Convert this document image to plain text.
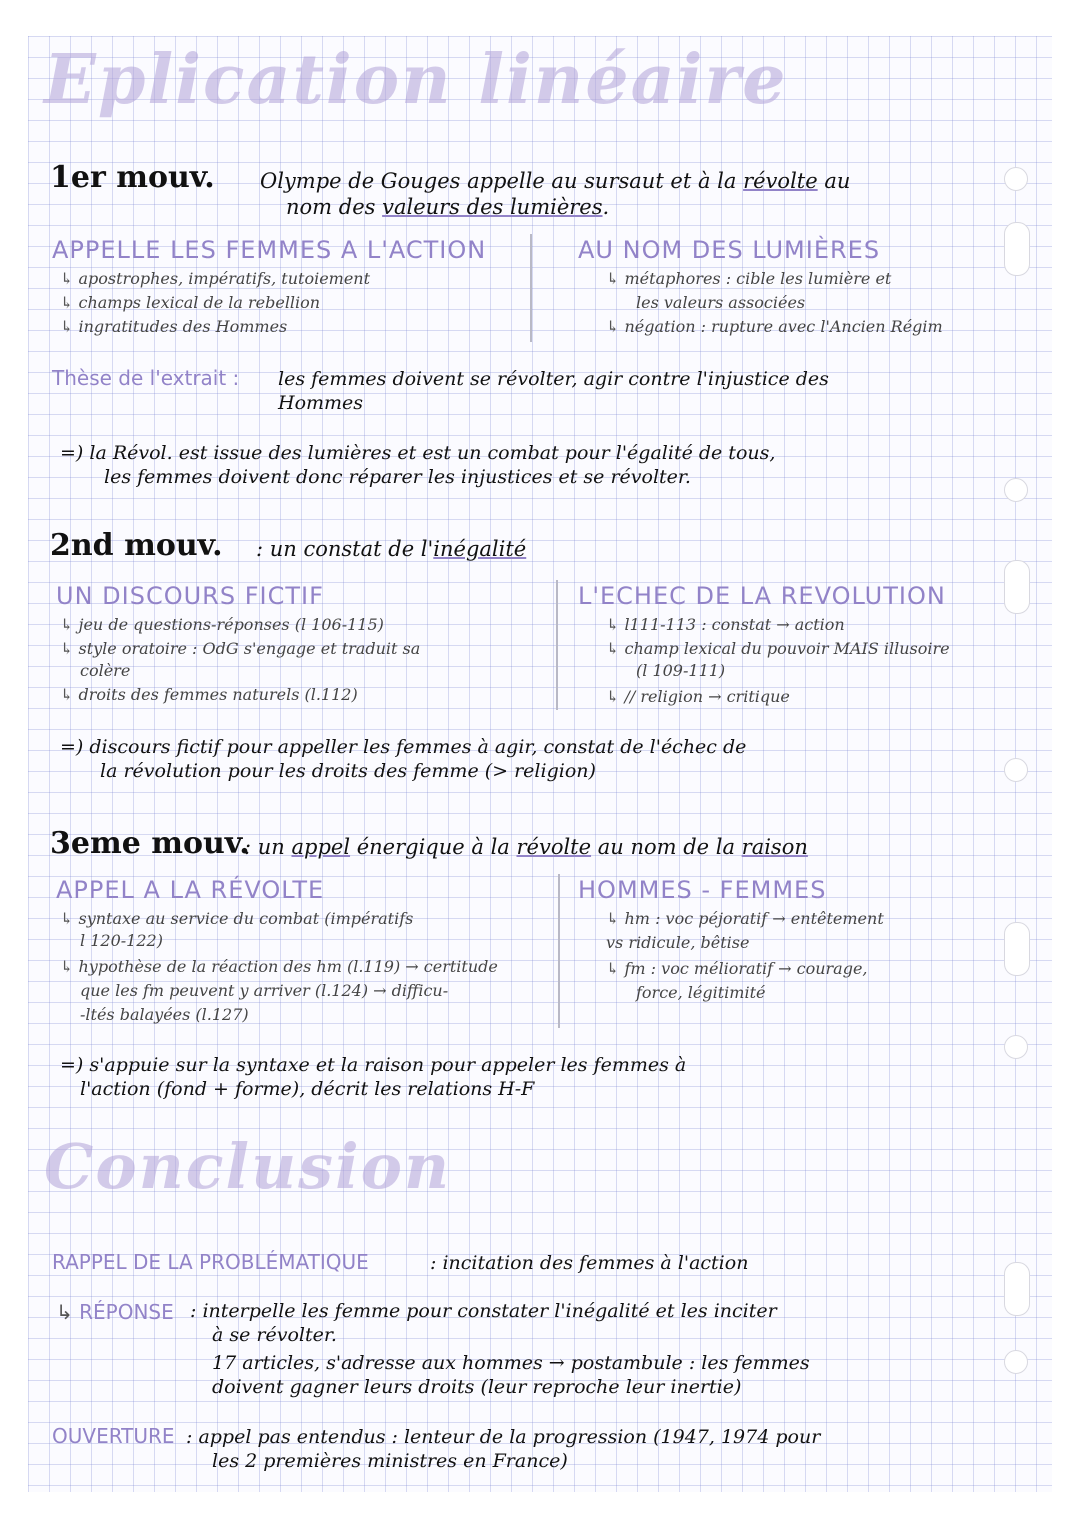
Eplication linéaire
1er mouv. Olympe de Gouges appelle au sursaut et à la révolte au
nom des valeurs des lumières.
APPELLE LES FEMMES A L'ACTION
↳ apostrophes, impératifs, tutoiement
↳ champs lexical de la rebellion
↳ ingratitudes des Hommes
AU NOM DES LUMIÈRES
↳ métaphores : cible les lumière et
les valeurs associées
↳ négation : rupture avec l'Ancien Régim
Thèse de l'extrait : les femmes doivent se révolter, agir contre l'injustice des
Hommes
=) la Révol. est issue des lumières et est un combat pour l'égalité de tous,
les femmes doivent donc réparer les injustices et se révolter.
2nd mouv. : un constat de l'inégalité
UN DISCOURS FICTIF
↳ jeu de questions-réponses (l 106-115)
↳ style oratoire : OdG s'engage et traduit sa
colère
↳ droits des femmes naturels (l.112)
L'ECHEC DE LA REVOLUTION
↳ l111-113 : constat → action
↳ champ lexical du pouvoir MAIS illusoire
(l 109-111)
↳ // religion → critique
=) discours fictif pour appeller les femmes à agir, constat de l'échec de
la révolution pour les droits des femme (> religion)
3eme mouv.
: un appel énergique à la révolte au nom de la raison
APPEL A LA RÉVOLTE
↳ syntaxe au service du combat (impératifs
l 120-122)
↳ hypothèse de la réaction des hm (l.119) → certitude
que les fm peuvent y arriver (l.124) → difficu-
-ltés balayées (l.127)
HOMMES - FEMMES
↳ hm : voc péjoratif → entêtement
vs ridicule, bêtise
↳ fm : voc mélioratif → courage,
force, légitimité
=) s'appuie sur la syntaxe et la raison pour appeler les femmes à
l'action (fond + forme), décrit les relations H-F
Conclusion
RAPPEL DE LA PROBLÉMATIQUE	: incitation des femmes à l'action
↳ RÉPONSE : interpelle les femme pour constater l'inégalité et les inciter
à se révolter.
17 articles, s'adresse aux hommes → postambule : les femmes
doivent gagner leurs droits (leur reproche leur inertie)
OUVERTURE : appel pas entendus : lenteur de la progression (1947, 1974 pour
les 2 premières ministres en France)
